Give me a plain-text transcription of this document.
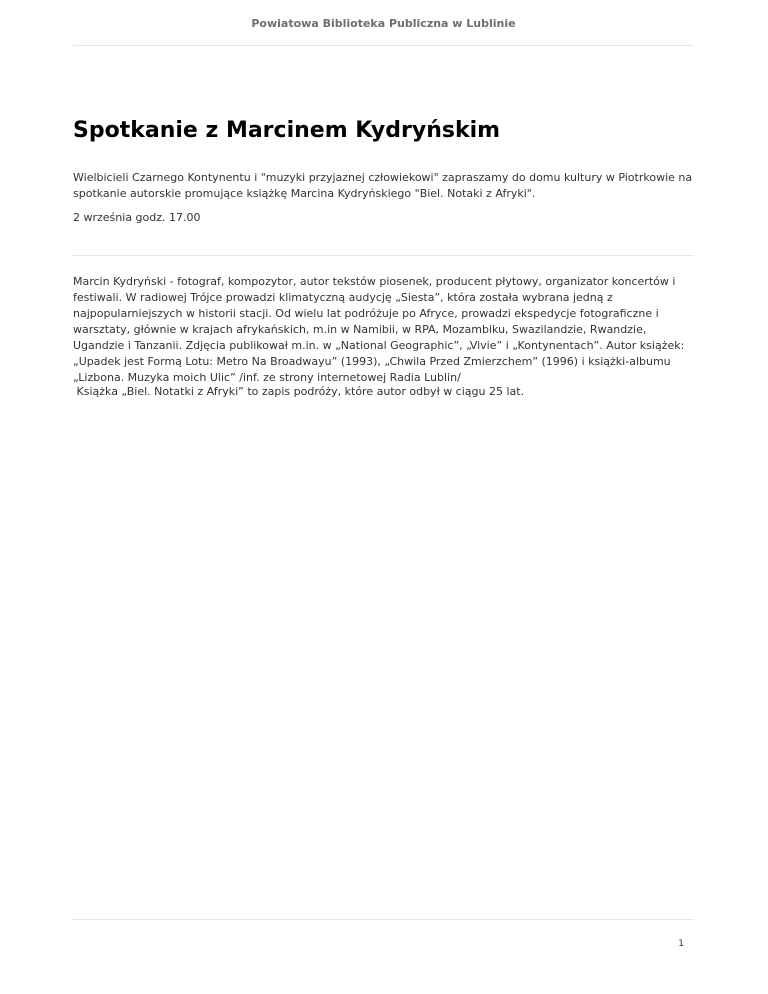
Powiatowa Biblioteka Publiczna w Lublinie
Spotkanie z Marcinem Kydryńskim

Wielbicieli Czarnego Kontynentu i "muzyki przyjaznej człowiekowi" zapraszamy do domu kultury w Piotrkowie na spotkanie autorskie promujące książkę Marcina Kydryńskiego "Biel. Notaki z Afryki".

2 września godz. 17.00

Marcin Kydryński - fotograf, kompozytor, autor tekstów piosenek, producent płytowy, organizator koncertów i festiwali. W radiowej Trójce prowadzi klimatyczną audycję „Siesta”, która została wybrana jedną z najpopularniejszych w historii stacji. Od wielu lat podróżuje po Afryce, prowadzi ekspedycje fotograficzne i warsztaty, głównie w krajach afrykańskich, m.in w Namibii, w RPA, Mozambiku, Swazilandzie, Rwandzie, Ugandzie i Tanzanii. Zdjęcia publikował m.in. w „National Geographic”, „Vivie” i „Kontynentach”. Autor książek: „Upadek jest Formą Lotu: Metro Na Broadwayu” (1993), „Chwila Przed Zmierzchem” (1996) i książki-albumu „Lizbona. Muzyka moich Ulic” /inf. ze strony internetowej Radia Lublin/

Książka „Biel. Notatki z Afryki” to zapis podróży, które autor odbył w ciągu 25 lat.

1
